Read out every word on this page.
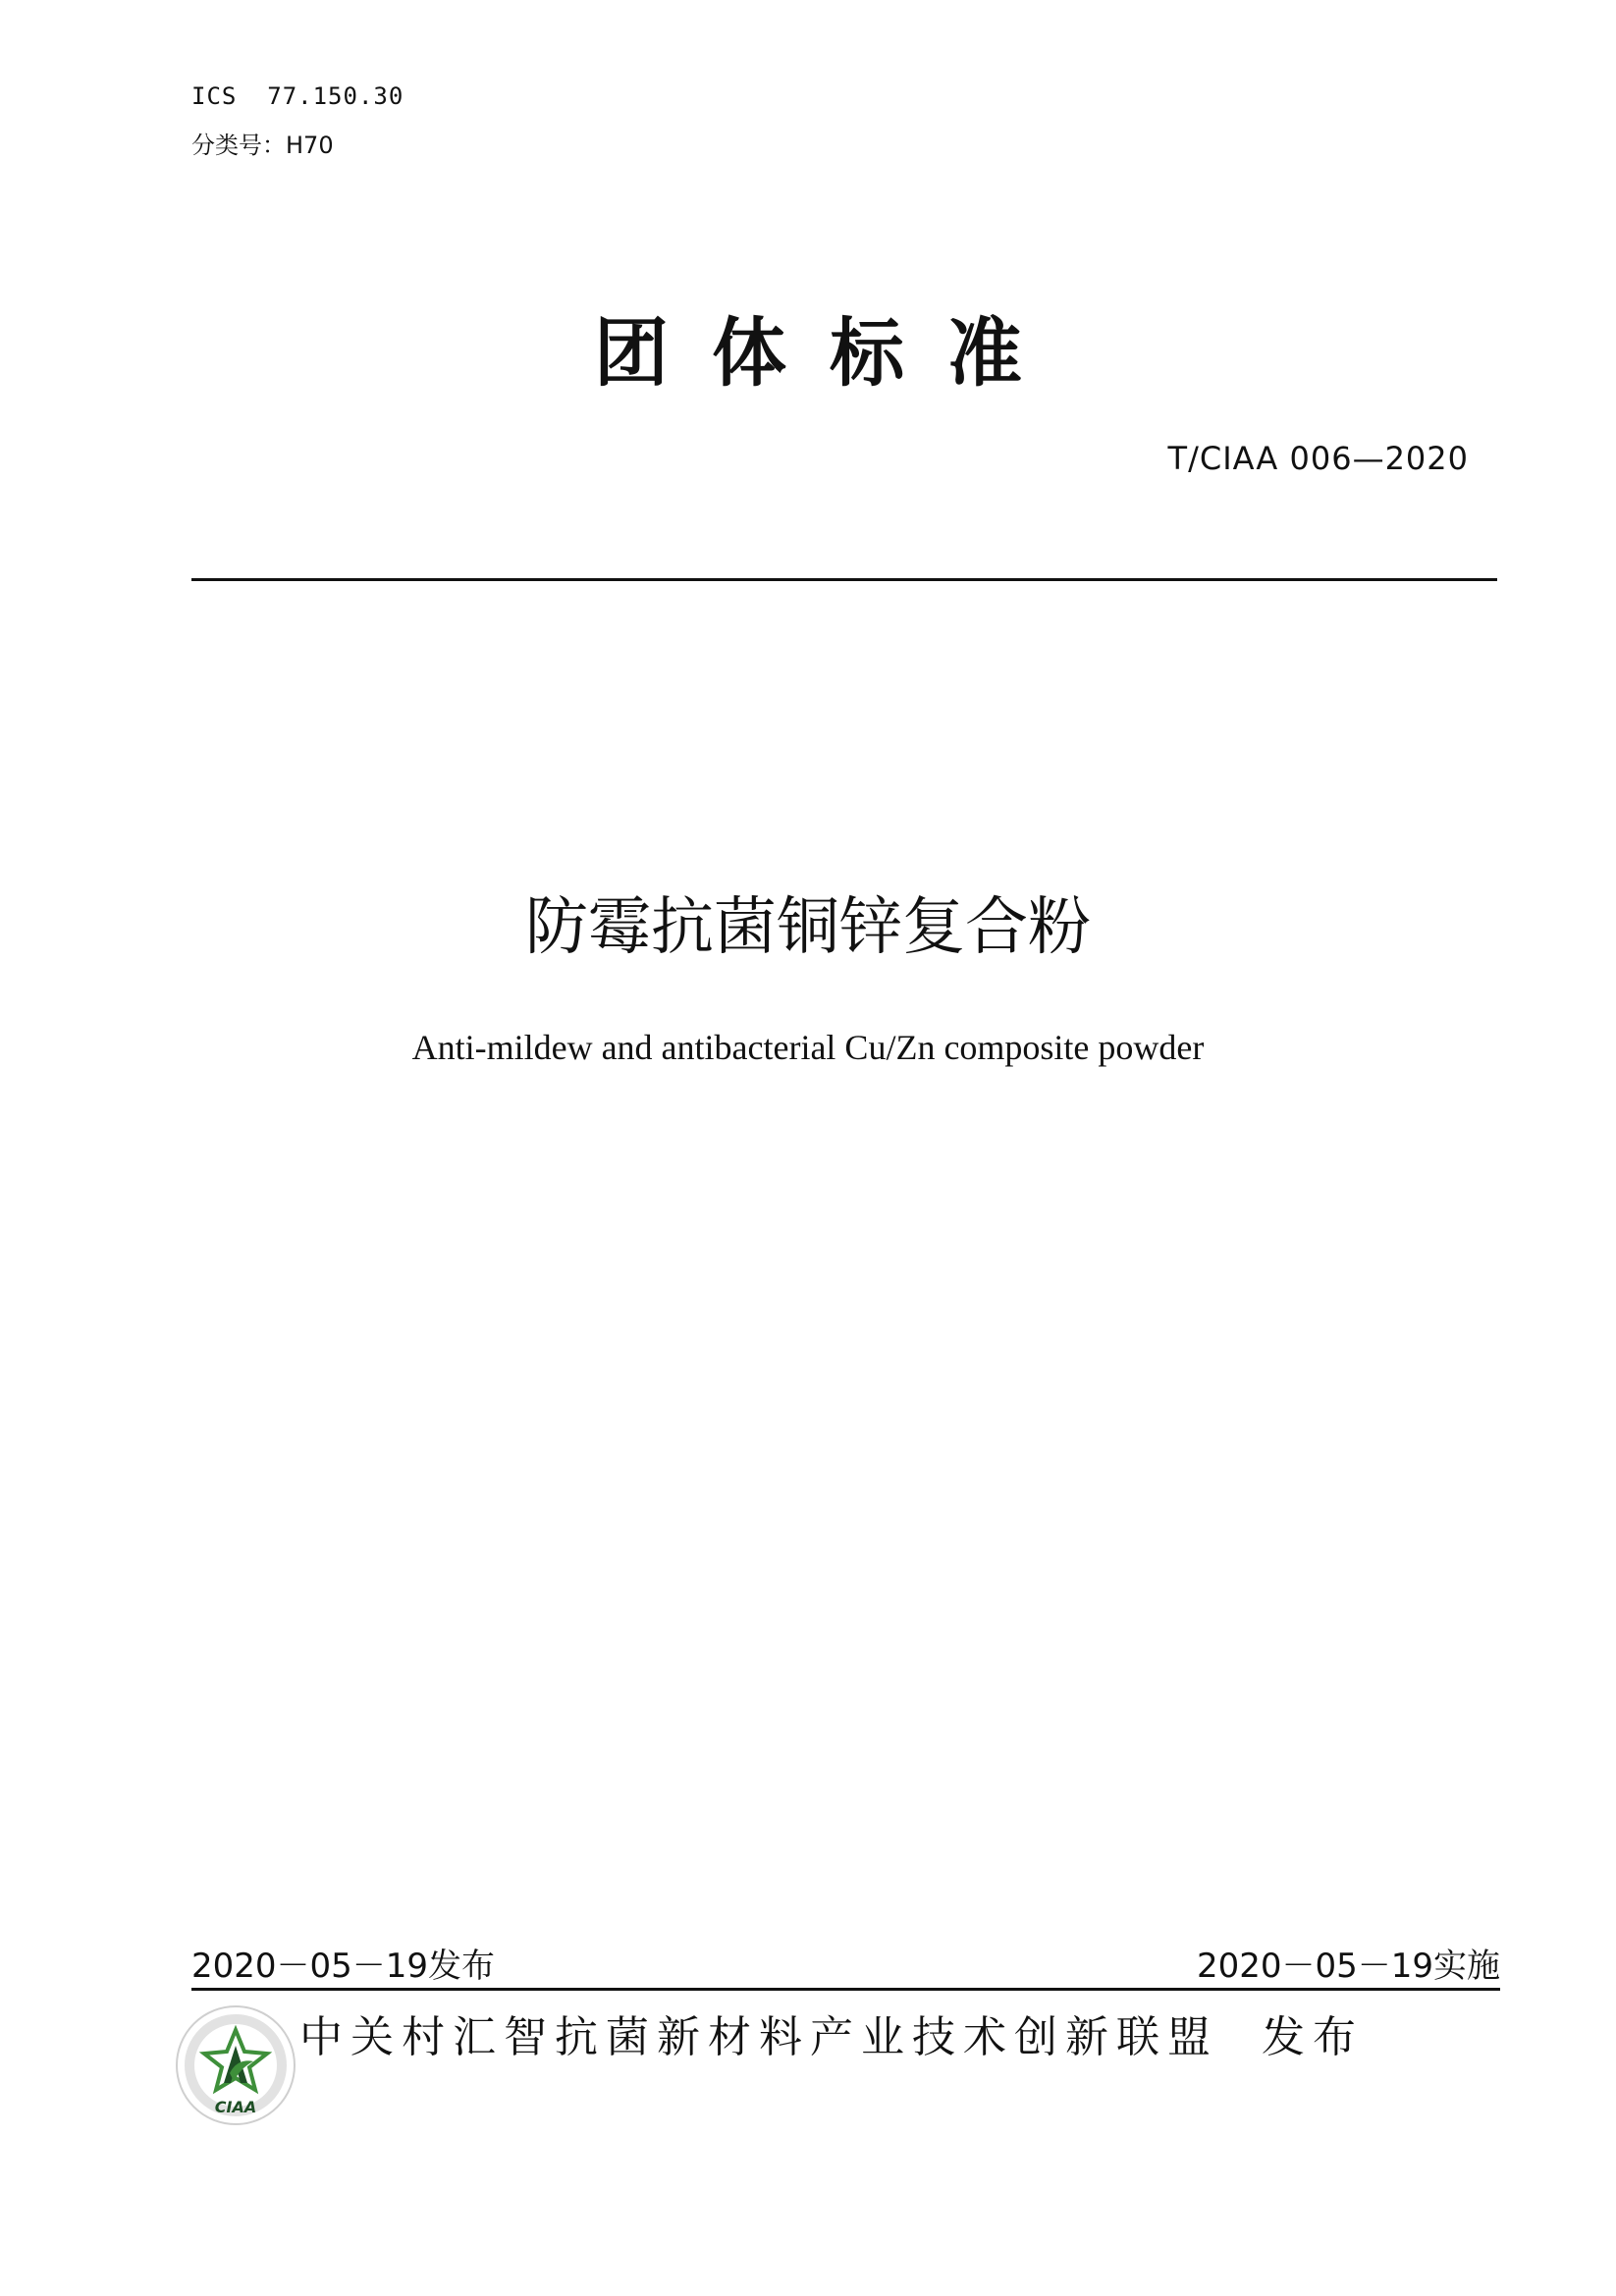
ICS  77.150.30
分类号：H70
团体标准
T/CIAA 006—2020
防霉抗菌铜锌复合粉
Anti-mildew and antibacterial Cu/Zn composite powder
2020－05－19发布	2020－05－19实施
CIAA
中关村汇智抗菌新材料产业技术创新联盟  发布
